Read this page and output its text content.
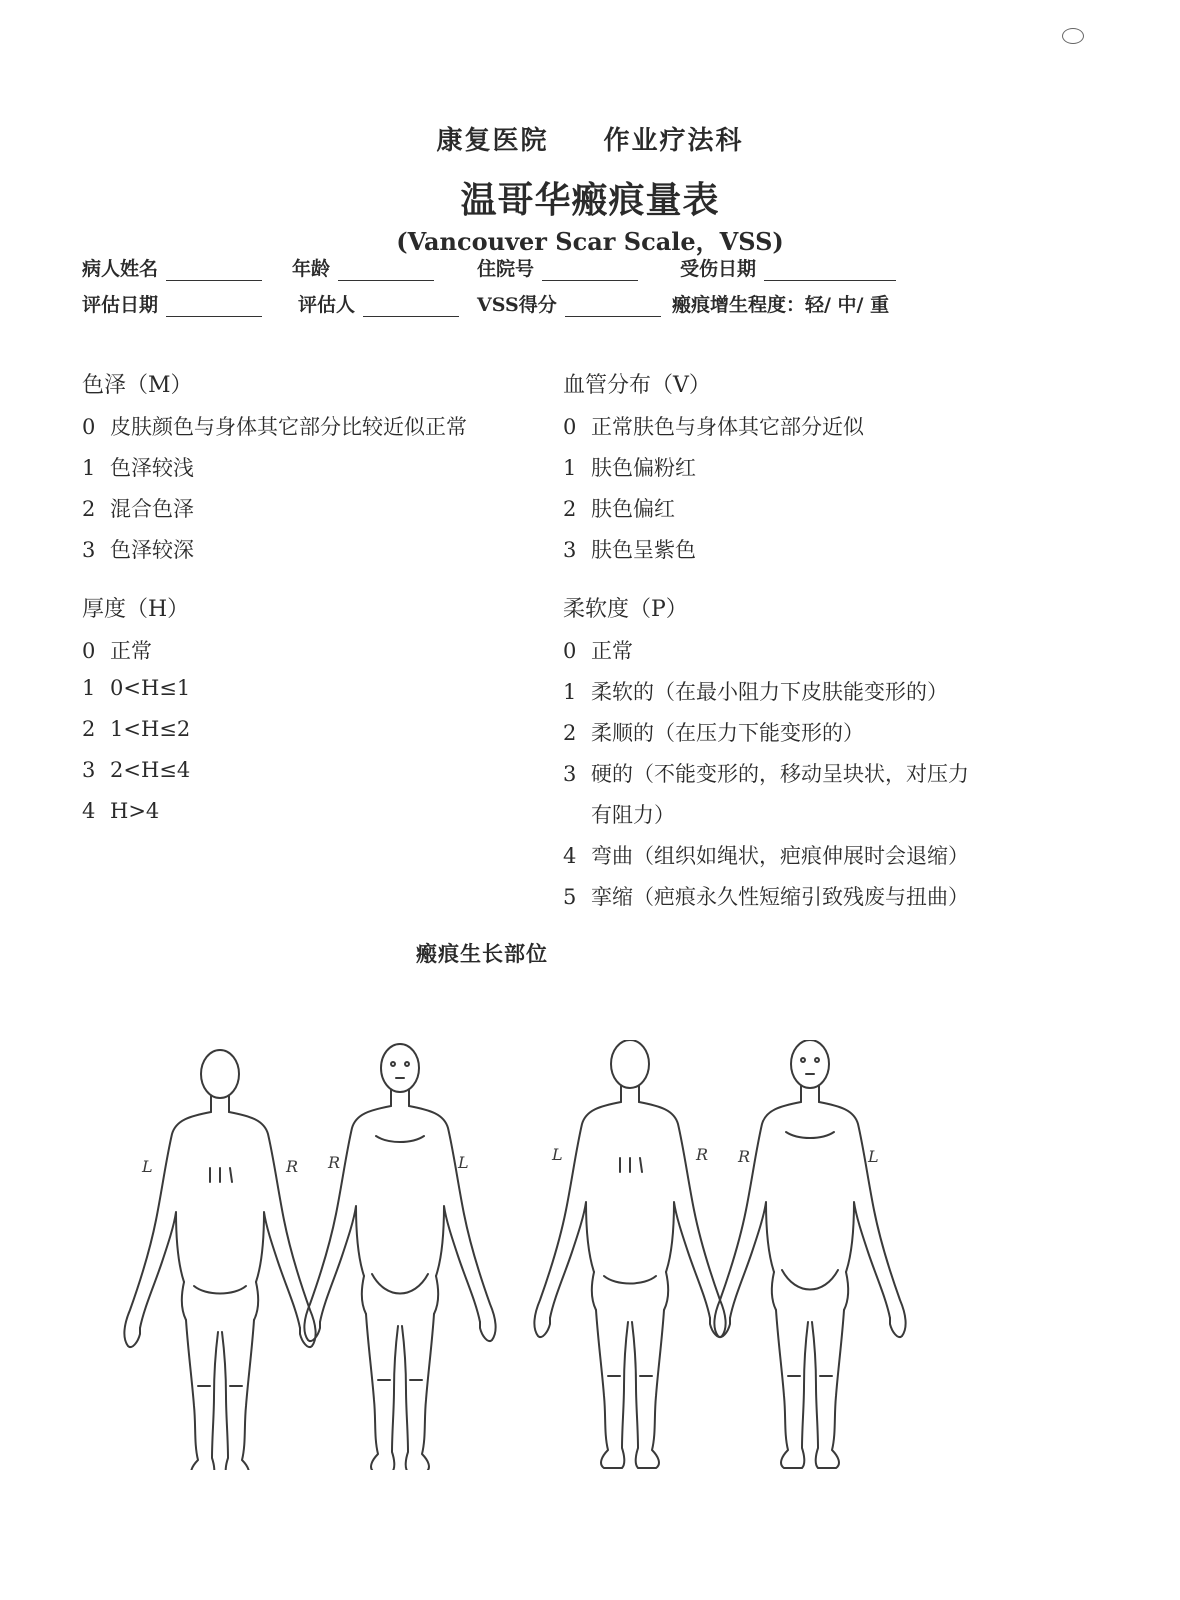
康复医院 作业疗法科
温哥华瘢痕量表
(Vancouver Scar Scale，VSS)
病人姓名	年龄	住院号	受伤日期
评估日期	评估人	VSS得分	瘢痕增生程度：轻/ 中/ 重
色泽（M）
0 皮肤颜色与身体其它部分比较近似正常
1 色泽较浅
2 混合色泽
3 色泽较深
血管分布（V）
0 正常肤色与身体其它部分近似
1 肤色偏粉红
2 肤色偏红
3 肤色呈紫色
厚度（H）
0 正常
1 0<H≤1
2 1<H≤2
3 2<H≤4
4 H>4
柔软度（P）
0 正常
1 柔软的（在最小阻力下皮肤能变形的）
2 柔顺的（在压力下能变形的）
3 硬的（不能变形的，移动呈块状，对压力
有阻力）
4 弯曲（组织如绳状，疤痕伸展时会退缩）
5 挛缩（疤痕永久性短缩引致残废与扭曲）
瘢痕生长部位
L	R R	L	L	R R	L
